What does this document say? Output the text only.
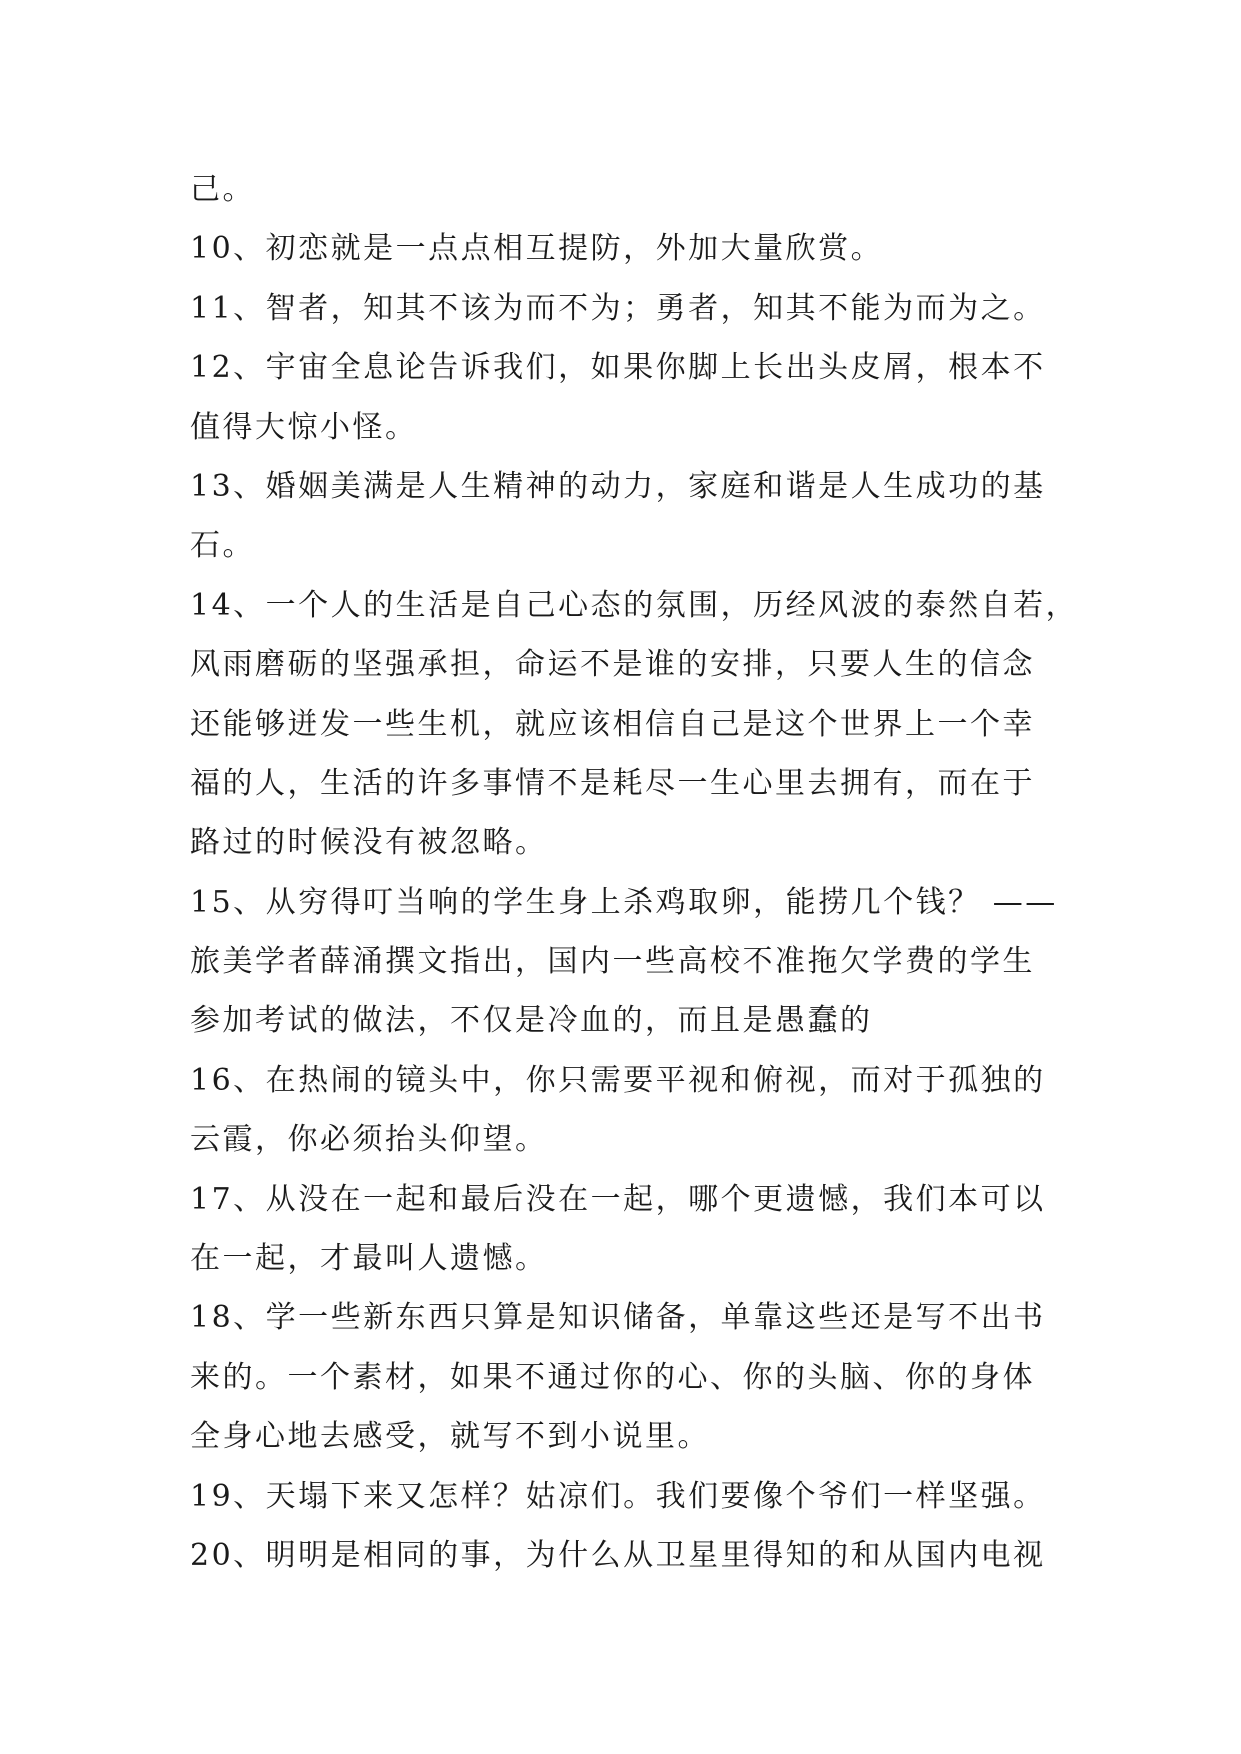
己。
10、初恋就是一点点相互提防，外加大量欣赏。
11、智者，知其不该为而不为；勇者，知其不能为而为之。
12、宇宙全息论告诉我们，如果你脚上长出头皮屑，根本不
值得大惊小怪。
13、婚姻美满是人生精神的动力，家庭和谐是人生成功的基
石。
14、一个人的生活是自己心态的氛围，历经风波的泰然自若，
风雨磨砺的坚强承担，命运不是谁的安排，只要人生的信念
还能够迸发一些生机，就应该相信自己是这个世界上一个幸
福的人，生活的许多事情不是耗尽一生心里去拥有，而在于
路过的时候没有被忽略。
15、从穷得叮当响的学生身上杀鸡取卵，能捞几个钱？ ——
旅美学者薛涌撰文指出，国内一些高校不准拖欠学费的学生
参加考试的做法，不仅是冷血的，而且是愚蠢的
16、在热闹的镜头中，你只需要平视和俯视，而对于孤独的
云霞，你必须抬头仰望。
17、从没在一起和最后没在一起，哪个更遗憾，我们本可以
在一起，才最叫人遗憾。
18、学一些新东西只算是知识储备，单靠这些还是写不出书
来的。一个素材，如果不通过你的心、你的头脑、你的身体
全身心地去感受，就写不到小说里。
19、天塌下来又怎样？姑凉们。我们要像个爷们一样坚强。
20、明明是相同的事，为什么从卫星里得知的和从国内电视
